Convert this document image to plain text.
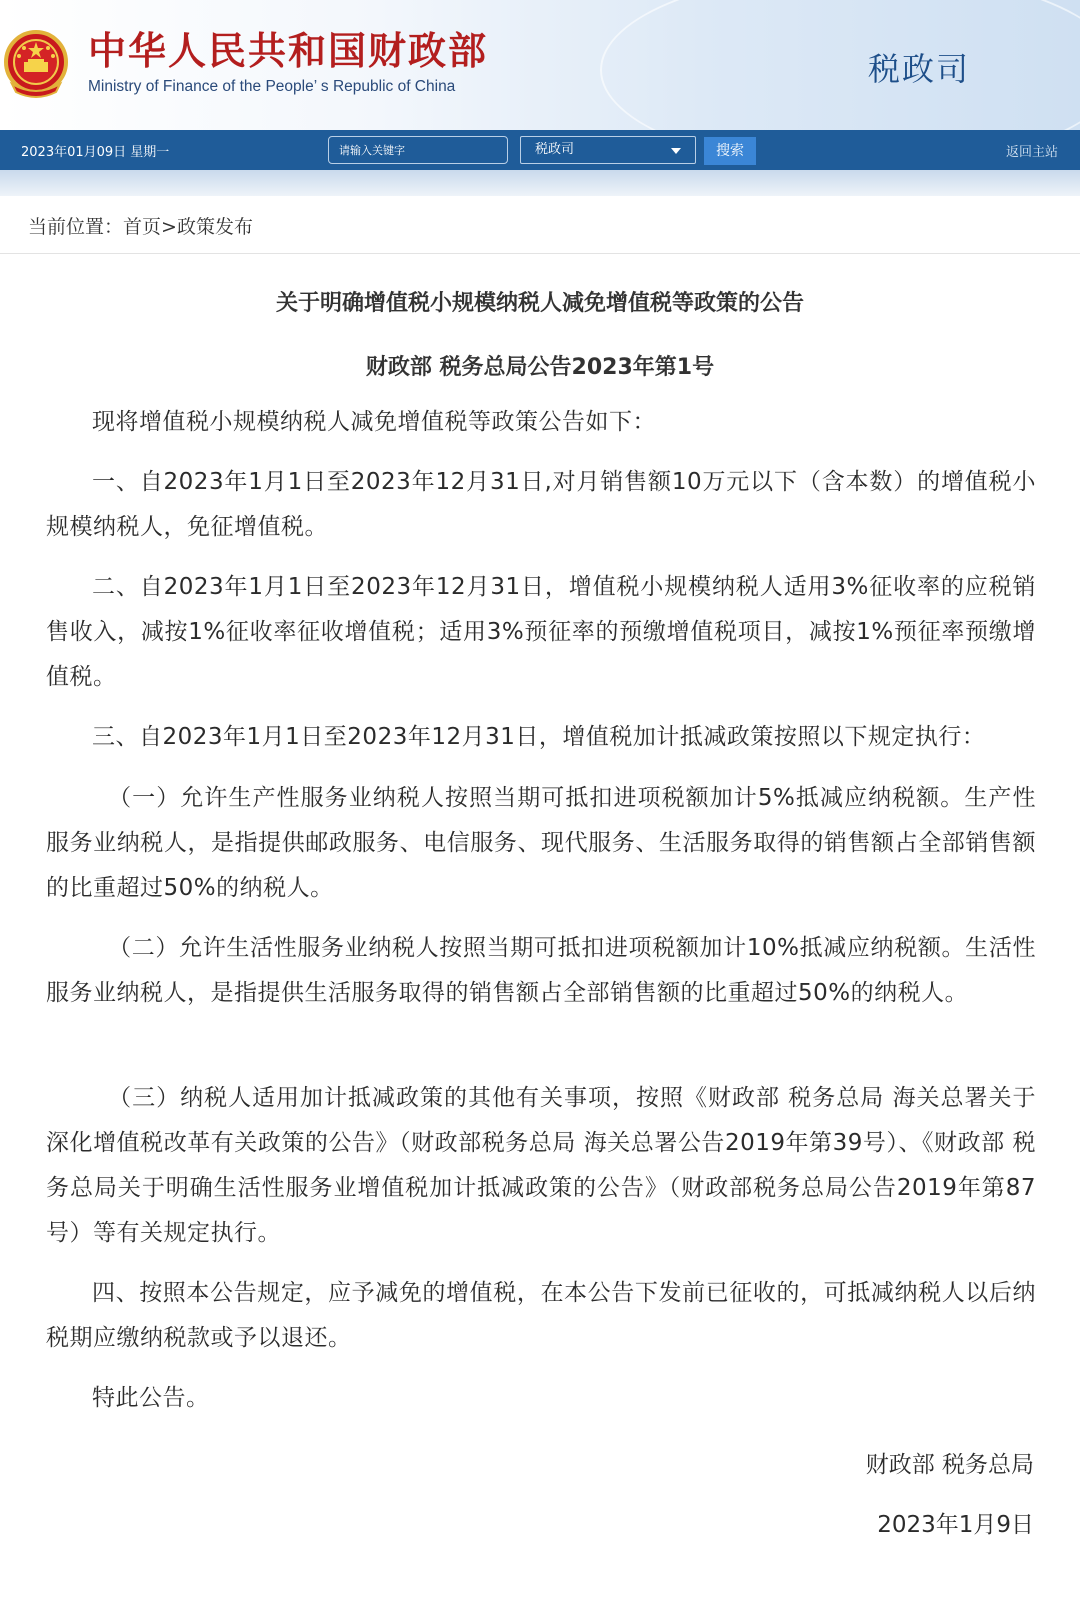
中华人民共和国财政部
Ministry of Finance of the People’ s Republic of China	税政司
2023年01月09日 星期一
请输入关键字	税政司	搜索	返回主站
当前位置：首页>政策发布
关于明确增值税小规模纳税人减免增值税等政策的公告
财政部 税务总局公告2023年第1号

现将增值税小规模纳税人减免增值税等政策公告如下：

一、自2023年1月1日至2023年12月31日,对月销售额10万元以下（含本数）的增值税小规模纳税人，免征增值税。

二、自2023年1月1日至2023年12月31日，增值税小规模纳税人适用3%征收率的应税销售收入，减按1%征收率征收增值税；适用3%预征率的预缴增值税项目，减按1%预征率预缴增值税。

三、自2023年1月1日至2023年12月31日，增值税加计抵减政策按照以下规定执行：

（一）允许生产性服务业纳税人按照当期可抵扣进项税额加计5%抵减应纳税额。生产性服务业纳税人，是指提供邮政服务、电信服务、现代服务、生活服务取得的销售额占全部销售额的比重超过50%的纳税人。

（二）允许生活性服务业纳税人按照当期可抵扣进项税额加计10%抵减应纳税额。生活性服务业纳税人，是指提供生活服务取得的销售额占全部销售额的比重超过50%的纳税人。

（三）纳税人适用加计抵减政策的其他有关事项，按照《财政部 税务总局 海关总署关于深化增值税改革有关政策的公告》（财政部税务总局 海关总署公告2019年第39号）、《财政部 税务总局关于明确生活性服务业增值税加计抵减政策的公告》（财政部税务总局公告2019年第87号）等有关规定执行。

四、按照本公告规定，应予减免的增值税，在本公告下发前已征收的，可抵减纳税人以后纳税期应缴纳税款或予以退还。

特此公告。

财政部 税务总局
2023年1月9日
